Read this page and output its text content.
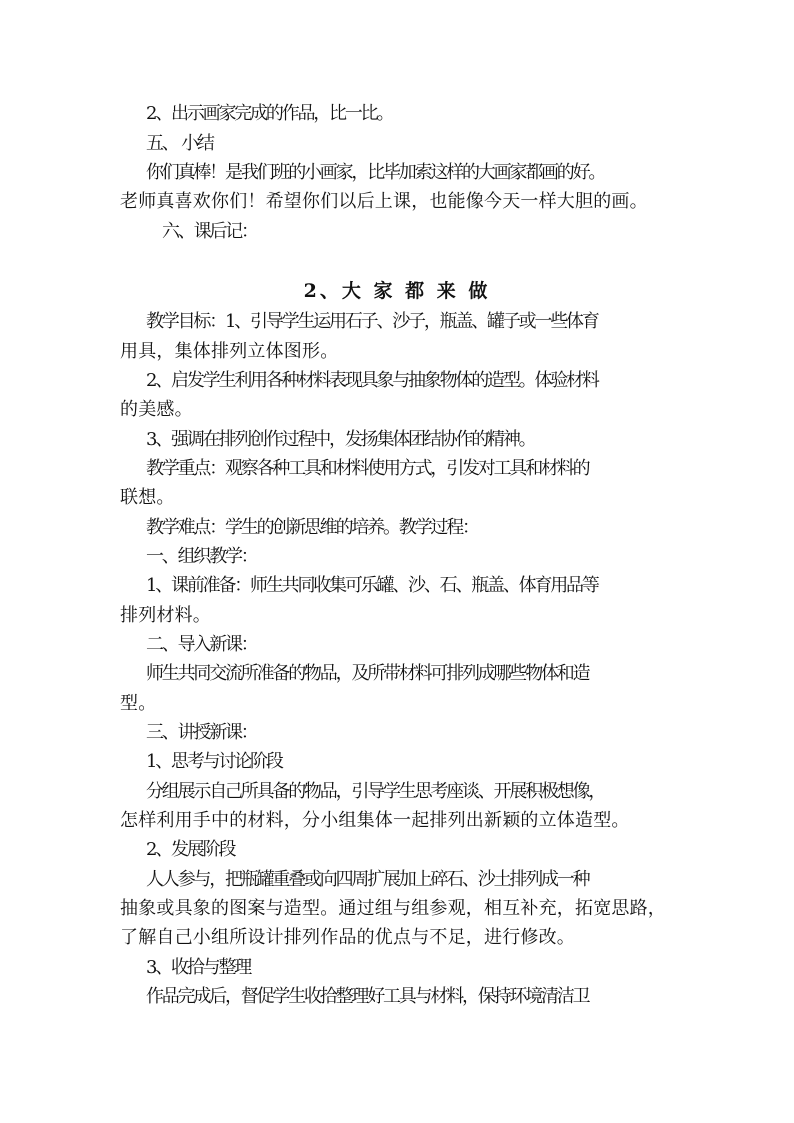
2、出示画家完成的作品，比一比。
五、 小结
你们真棒！是我们班的小画家，比毕加索这样的大画家都画的好。
老师真喜欢你们！希望你们以后上课，也能像今天一样大胆的画。
六、课后记：
2、大 家 都 来 做
教学目标：1、引导学生运用石子、沙子，瓶盖、罐子或一些体育
用具，集体排列立体图形。
2、启发学生利用各种材料表现具象与抽象物体的造型。体验材料
的美感。
3、强调在排列创作过程中，发扬集体团结协作的精神。
教学重点：观察各种工具和材料使用方式，引发对工具和材料的
联想。
教学难点：学生的创新思维的培养。教学过程：
一、组织教学：
1、课前准备：师生共同收集可乐罐、沙、石、瓶盖、体育用品等
排列材料。
二、导入新课：
师生共同交流所准备的物品，及所带材料可排列成哪些物体和造
型。
三、讲授新课：
1、思考与讨论阶段
分组展示自己所具备的物品，引导学生思考座谈、开展积极想像，
怎样利用手中的材料，分小组集体一起排列出新颖的立体造型。
2、发展阶段
人人参与，把瓶罐重叠或向四周扩展加上碎石、沙土排列成一种
抽象或具象的图案与造型。通过组与组参观，相互补充，拓宽思路，
了解自己小组所设计排列作品的优点与不足，进行修改。
3、收拾与整理
作品完成后，督促学生收拾整理好工具与材料，保持环境清洁卫
